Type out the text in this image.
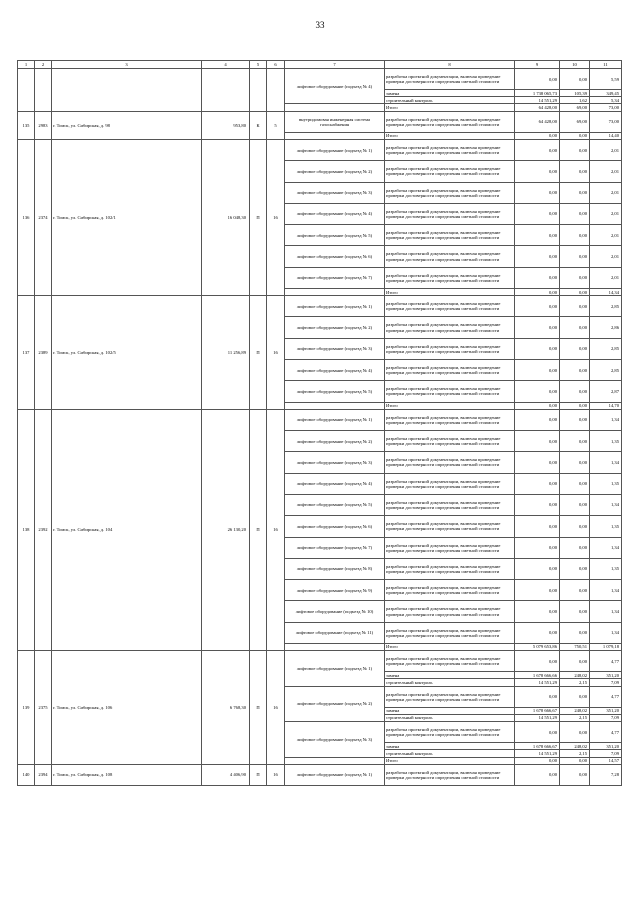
33
1	2	3	4	5	6	7	8	9	10	11
						лифтовое оборудование (подъезд № 4)	разработка проектной документации, включая проведение проверки достоверности определения сметной стоимости	0,00	0,00	5,59
							замена	1 738 065,73	105,39	349,45
							строительный контроль	14 551,29	1,62	5,34
							Итого	64 428,00	69,00	73,00
135	2983	г. Томск, ул. Сибирская, д. 98	953,80	К	5	внутридомовая инженерная система газоснабжения	разработка проектной документации, включая проведение проверки достоверности определения сметной стоимости	64 428,00	69,00	73,00
							Итого	0,00	0,00	14,40
136	2374	г. Томск, ул. Сибирская, д. 102/1	16 048,30	П	16	лифтовое оборудование (подъезд № 1)	разработка проектной документации, включая проведение проверки достоверности определения сметной стоимости	0,00	0,00	2,01
						лифтовое оборудование (подъезд № 2)	разработка проектной документации, включая проведение проверки достоверности определения сметной стоимости	0,00	0,00	2,01
						лифтовое оборудование (подъезд № 3)	разработка проектной документации, включая проведение проверки достоверности определения сметной стоимости	0,00	0,00	2,01
						лифтовое оборудование (подъезд № 4)	разработка проектной документации, включая проведение проверки достоверности определения сметной стоимости	0,00	0,00	2,01
						лифтовое оборудование (подъезд № 5)	разработка проектной документации, включая проведение проверки достоверности определения сметной стоимости	0,00	0,00	2,01
						лифтовое оборудование (подъезд № 6)	разработка проектной документации, включая проведение проверки достоверности определения сметной стоимости	0,00	0,00	2,01
						лифтовое оборудование (подъезд № 7)	разработка проектной документации, включая проведение проверки достоверности определения сметной стоимости	0,00	0,00	2,01
							Итого	0,00	0,00	14,34
137	2389	г. Томск, ул. Сибирская, д. 102/5	11 256,89	П	16	лифтовое оборудование (подъезд № 1)	разработка проектной документации, включая проведение проверки достоверности определения сметной стоимости	0,00	0,00	2,85
						лифтовое оборудование (подъезд № 2)	разработка проектной документации, включая проведение проверки достоверности определения сметной стоимости	0,00	0,00	2,86
						лифтовое оборудование (подъезд № 3)	разработка проектной документации, включая проведение проверки достоверности определения сметной стоимости	0,00	0,00	2,85
						лифтовое оборудование (подъезд № 4)	разработка проектной документации, включая проведение проверки достоверности определения сметной стоимости	0,00	0,00	2,85
						лифтовое оборудование (подъезд № 5)	разработка проектной документации, включая проведение проверки достоверности определения сметной стоимости	0,00	0,00	2,87
							Итого	0,00	0,00	14,70
138	2392	г. Томск, ул. Сибирская, д. 104	26 130,20	П	16	лифтовое оборудование (подъезд № 1)	разработка проектной документации, включая проведение проверки достоверности определения сметной стоимости	0,00	0,00	1,34
						лифтовое оборудование (подъезд № 2)	разработка проектной документации, включая проведение проверки достоверности определения сметной стоимости	0,00	0,00	1,35
						лифтовое оборудование (подъезд № 3)	разработка проектной документации, включая проведение проверки достоверности определения сметной стоимости	0,00	0,00	1,34
						лифтовое оборудование (подъезд № 4)	разработка проектной документации, включая проведение проверки достоверности определения сметной стоимости	0,00	0,00	1,35
						лифтовое оборудование (подъезд № 5)	разработка проектной документации, включая проведение проверки достоверности определения сметной стоимости	0,00	0,00	1,34
						лифтовое оборудование (подъезд № 6)	разработка проектной документации, включая проведение проверки достоверности определения сметной стоимости	0,00	0,00	1,35
						лифтовое оборудование (подъезд № 7)	разработка проектной документации, включая проведение проверки достоверности определения сметной стоимости	0,00	0,00	1,34
						лифтовое оборудование (подъезд № 8)	разработка проектной документации, включая проведение проверки достоверности определения сметной стоимости	0,00	0,00	1,35
						лифтовое оборудование (подъезд № 9)	разработка проектной документации, включая проведение проверки достоверности определения сметной стоимости	0,00	0,00	1,34
						лифтовое оборудование (подъезд № 10)	разработка проектной документации, включая проведение проверки достоверности определения сметной стоимости	0,00	0,00	1,34
						лифтовое оборудование (подъезд № 11)	разработка проектной документации, включая проведение проверки достоверности определения сметной стоимости	0,00	0,00	1,34
							Итого	5 079 653,86	750,51	1 079,18
139	2375	г. Томск, ул. Сибирская, д. 106	6 768,30	П	16	лифтовое оборудование (подъезд № 1)	разработка проектной документации, включая проведение проверки достоверности определения сметной стоимости	0,00	0,00	4,77
							замена	1 678 666,66	248,02	351,20
							строительный контроль	14 551,29	2,15	7,09
						лифтовое оборудование (подъезд № 2)	разработка проектной документации, включая проведение проверки достоверности определения сметной стоимости	0,00	0,00	4,77
							замена	1 678 666,67	248,02	351,20
							строительный контроль	14 551,29	2,15	7,09
						лифтовое оборудование (подъезд № 3)	разработка проектной документации, включая проведение проверки достоверности определения сметной стоимости	0,00	0,00	4,77
							замена	1 678 666,67	248,02	351,20
							строительный контроль	14 551,29	2,15	7,09
							Итого	0,00	0,00	14,57
140	2394	г. Томск, ул. Сибирская, д. 108	4 406,90	П	16	лифтовое оборудование (подъезд № 1)	разработка проектной документации, включая проведение проверки достоверности определения сметной стоимости	0,00	0,00	7,28
